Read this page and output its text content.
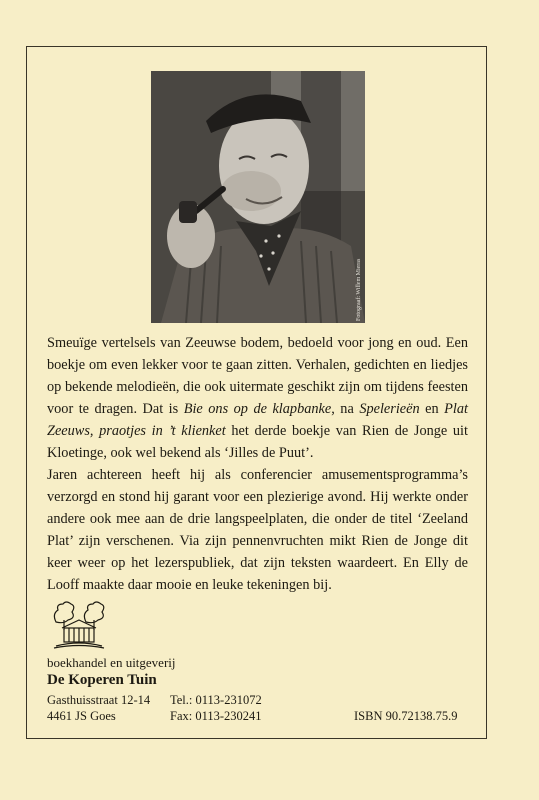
Fotograaf: Willem Mieras

Smeuïge vertelsels van Zeeuwse bodem, bedoeld voor jong en oud. Een boekje om even lekker voor te gaan zitten. Verhalen, gedichten en liedjes op bekende melodieën, die ook uitermate geschikt zijn om tijdens feesten voor te dragen. Dat is Bie ons op de klapbanke, na Spelerieën en Plat Zeeuws, praotjes in ’t klienket het derde boekje van Rien de Jonge uit Kloetinge, ook wel bekend als ‘Jilles de Puut’.

Jaren achtereen heeft hij als conferencier amusementsprogramma’s verzorgd en stond hij garant voor een plezierige avond. Hij werkte onder andere ook mee aan de drie langspeelplaten, die onder de titel ‘Zeeland Plat’ zijn verschenen. Via zijn pennenvruchten mikt Rien de Jonge dit keer weer op het lezerspubliek, dat zijn teksten waardeert. En Elly de Looff maakte daar mooie en leuke tekeningen bij.

boekhandel en uitgeverij
De Koperen Tuin
Gasthuisstraat 12-14
4461 JS Goes
Tel.: 0113-231072
Fax: 0113-230241	ISBN 90.72138.75.9
